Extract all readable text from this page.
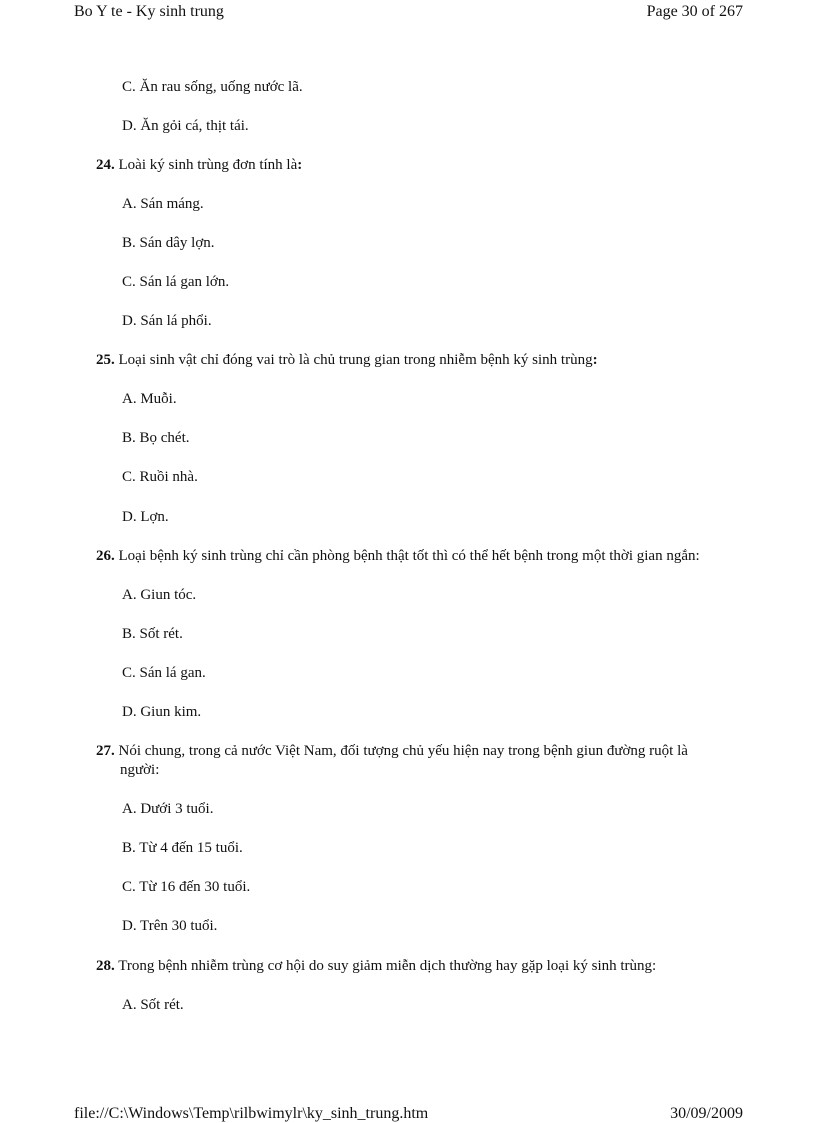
Bo Y te - Ky sinh trung	Page 30 of 267
C. Ăn rau sống, uống nước lã.
D. Ăn gỏi cá, thịt tái.
24. Loài ký sinh trùng đơn tính là:
A. Sán máng.
B. Sán dây lợn.
C. Sán lá gan lớn.
D. Sán lá phổi.
25. Loại sinh vật chỉ đóng vai trò là chủ trung gian trong nhiễm bệnh ký sinh trùng:
A. Muỗi.
B. Bọ chét.
C. Ruồi nhà.
D. Lợn.
26. Loại bệnh ký sinh trùng chỉ cần phòng bệnh thật tốt thì có thể hết bệnh trong một thời gian ngắn:
A. Giun tóc.
B. Sốt rét.
C. Sán lá gan.
D. Giun kim.
27. Nói chung, trong cả nước Việt Nam, đối tượng chủ yếu hiện nay trong bệnh giun đường ruột là
người:
A. Dưới 3 tuổi.
B. Từ 4 đến 15 tuổi.
C. Từ 16 đến 30 tuổi.
D. Trên 30 tuổi.
28. Trong bệnh nhiễm trùng cơ hội do suy giảm miễn dịch thường hay gặp loại ký sinh trùng:
A. Sốt rét.
file://C:\Windows\Temp\rilbwimylr\ky_sinh_trung.htm	30/09/2009
